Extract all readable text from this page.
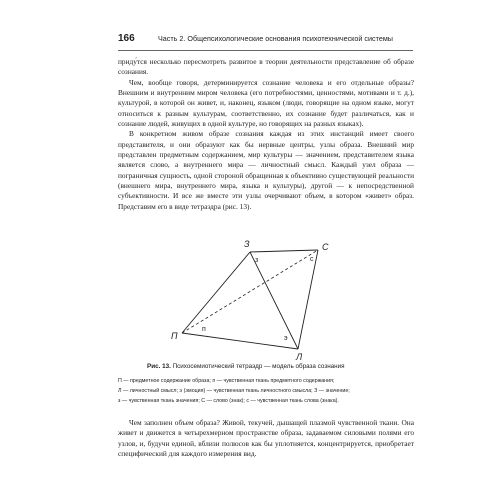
166	Часть 2. Общепсихологические основания психотехнической системы

приду́тся несколько пересмотреть развитое в теории деятельности представление об образе сознания.

Чем, вообще говоря, детерминируется сознание человека и его отдельные образы? Внешним и внутренним миром человека (его потребностями, ценностями, мотивами и т. д.), культурой, в которой он живет, и, наконец, языком (люди, говорящие на одном языке, могут относиться к разным культурам, соответственно, их сознание будет различаться, как и сознание людей, живущих в одной культуре, но говорящих на разных языках).

В конкретном живом образе сознания каждая из этих инстанций имеет своего представителя, и они образуют как бы нервные центры, узлы образа. Внешний мир представлен предметным содержанием, мир культуры — значением, представителем языка является слово, а внутреннего мира — личностный смысл. Каждый узел образа — пограничная сущность, одной стороной обращенная к объективно существующей реальности (внешнего мира, внутреннего мира, языка и культуры), другой — к непосредственной субъективности. И все же вместе эти узлы очерчивают объем, в котором «живет» образ. Представим его в виде тетраэдра (рис. 13).

З	С
П
Л
з	с
п
э
Рис. 13. Психосемиотический тетраэдр — модель образа сознания
П — предметное содержание образа; п — чувственная ткань предметного содержания;
Л — личностный смысл; э (эмоция) — чувственная ткань личностного смысла; З — значение;
з — чувственная ткань значения; С — слово (знак); с — чувственная ткань слова (знака).

Чем заполнен объем образа? Живой, текучей, дышащей плазмой чувственной ткани. Она живет и движется в четырехмерном пространстве образа, задаваемом силовыми полями его узлов, и, будучи единой, вблизи полюсов как бы уплотняется, концентрируется, приобретает специфический для каждого измерения вид.
